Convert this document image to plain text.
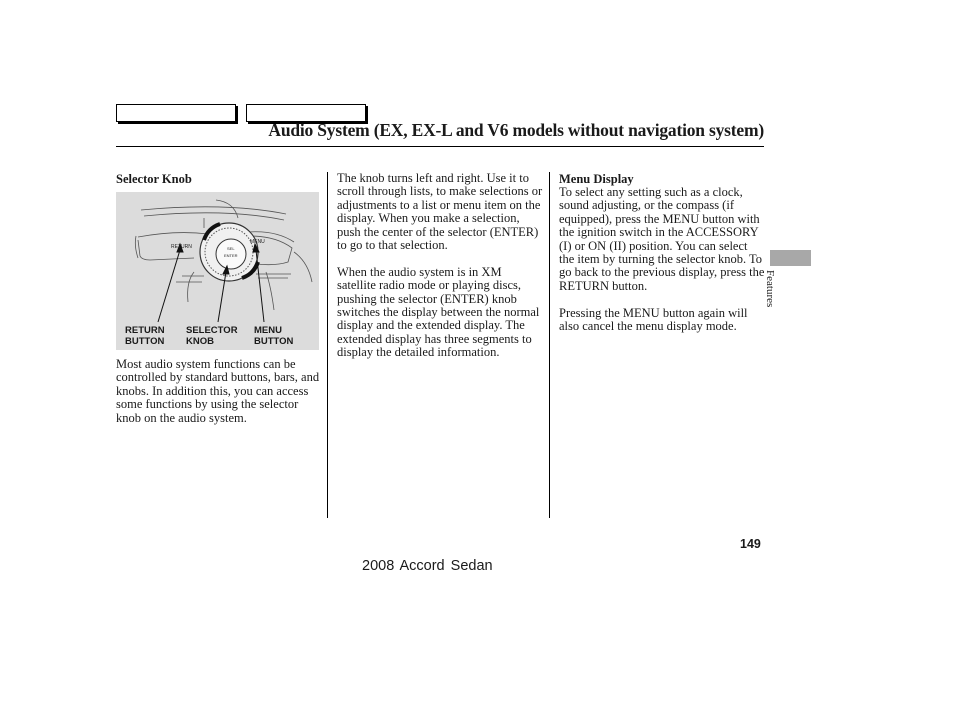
Audio System (EX, EX-L and V6 models without navigation system)
Selector Knob
RETURN
MENU
SEL
ENTER
RETURN
BUTTON
SELECTOR
KNOB
MENU
BUTTON

Most audio system functions can be controlled by standard buttons, bars, and knobs. In addition this, you can access some functions by using the selector knob on the audio system.

The knob turns left and right. Use it to scroll through lists, to make selections or adjustments to a list or menu item on the display. When you make a selection, push the center of the selector (ENTER) to go to that selection.

When the audio system is in XM satellite radio mode or playing discs, pushing the selector (ENTER) knob switches the display between the normal display and the extended display. The extended display has three segments to display the detailed information.

Menu Display

To select any setting such as a clock, sound adjusting, or the compass (if equipped), press the MENU button with the ignition switch in the ACCESSORY (I) or ON (II) position. You can select the item by turning the selector knob. To go back to the previous display, press the RETURN button.

Pressing the MENU button again will also cancel the menu display mode.

Features
149
2008 Accord Sedan
